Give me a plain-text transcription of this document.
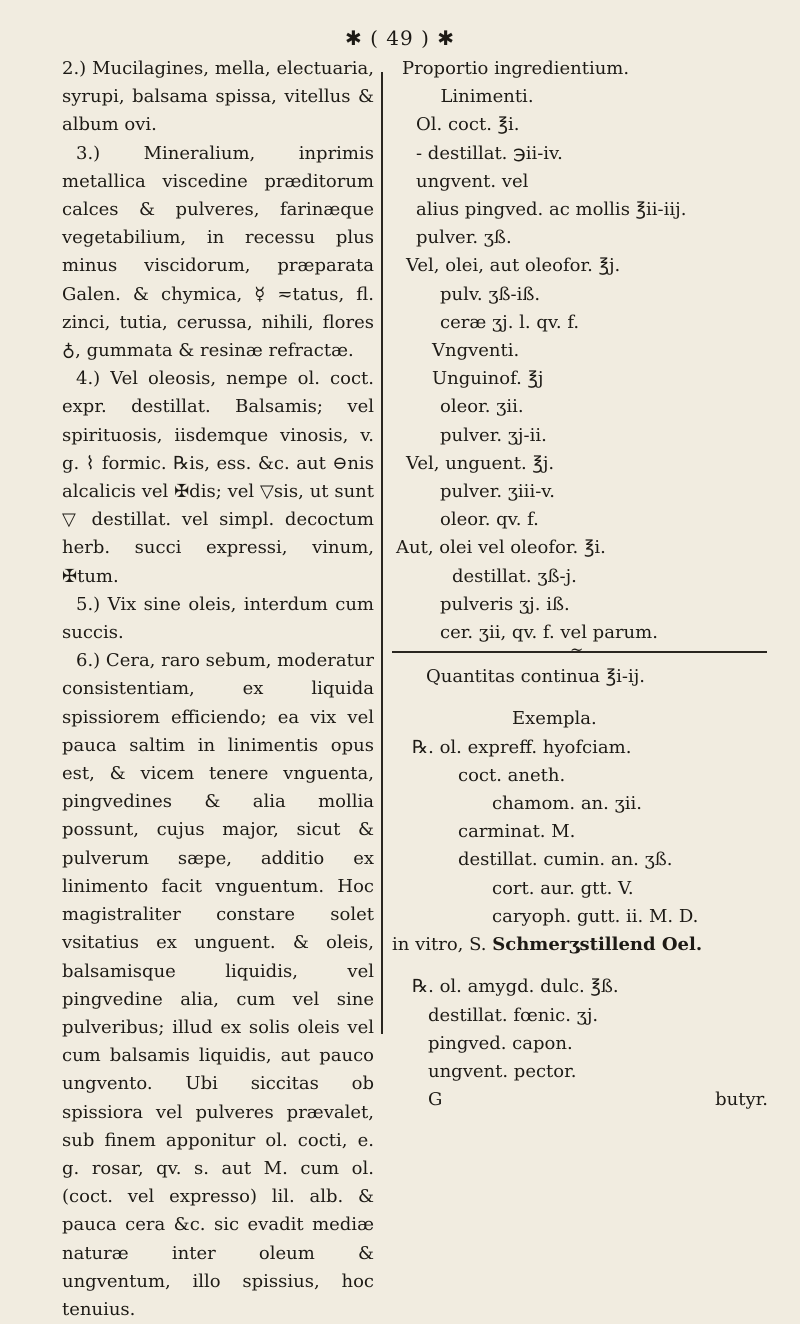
✱ ( 49 ) ✱

2.) Mucilagines, mella, electuaria, syrupi, balsama spissa, vitellus & album ovi.

3.) Mineralium, inprimis metallica viscedine præditorum calces & pulveres, farinæque vegetabilium, in recessu plus minus viscidorum, præparata Galen. & chymica, ☿ ≂tatus, fl. zinci, tutia, cerussa, nihili, flores ♁, gummata & resinæ refractæ.

4.) Vel oleosis, nempe ol. coct. expr. destillat. Balsamis; vel spirituosis, iisdemque vinosis, v. g. ⌇ formic. ℞is, ess. &c. aut ⊖nis alcalicis vel ✠dis; vel ▽sis, ut sunt ▽ destillat. vel simpl. decoctum herb. succi expressi, vinum, ✠tum.

5.) Vix sine oleis, interdum cum succis.

6.) Cera, raro sebum, moderatur consistentiam, ex liquida spissiorem efficiendo; ea vix vel pauca saltim in linimentis opus est, & vicem tenere vnguenta, pingvedines & alia mollia possunt, cujus major, sicut & pulverum sæpe, additio ex linimento facit vnguentum. Hoc magistraliter constare solet vsitatius ex unguent. & oleis, balsamisque liquidis, vel pingvedine alia, cum vel sine pulveribus; illud ex solis oleis vel cum balsamis liquidis, aut pauco ungvento. Ubi siccitas ob spissiora vel pulveres prævalet, sub finem apponitur ol. cocti, e. g. rosar, qv. s. aut M. cum ol. (coct. vel expresso) lil. alb. & pauca cera &c. sic evadit mediæ naturæ inter oleum & ungventum, illo spissius, hoc tenuius.

Proportio ingredientium.
Linimenti.
Ol. coct. ℥i.
- destillat. ℈ii-iv.
ungvent. vel
alius pingved. ac mollis ℥ii-iij.
pulver. ʒß.
Vel, olei, aut oleofor. ℥j.
pulv. ʒß-iß.
ceræ ʒj. l. qv. f.
Vngventi.
Unguinof. ℥j
oleor. ʒii.
pulver. ʒj-ii.
Vel, unguent. ℥j.
pulver. ʒiii-v.
oleor. qv. f.
Aut, olei vel oleofor. ℥i.
destillat. ʒß-j.
pulveris ʒj. iß.
cer. ʒii, qv. f. vel parum.
~
Quantitas continua ℥i-ij.
Exempla.
℞. ol. expreff. hyofciam.
coct. aneth.
chamom. an. ʒii.
carminat. M.
destillat. cumin. an. ʒß.
cort. aur. gtt. V.
caryoph. gutt. ii. M. D.
in vitro, S. Schmerʒstillend Oel.
℞. ol. amygd. dulc. ℥ß.
destillat. fœnic. ʒj.
pingved. capon.
ungvent. pector.
G	butyr.
